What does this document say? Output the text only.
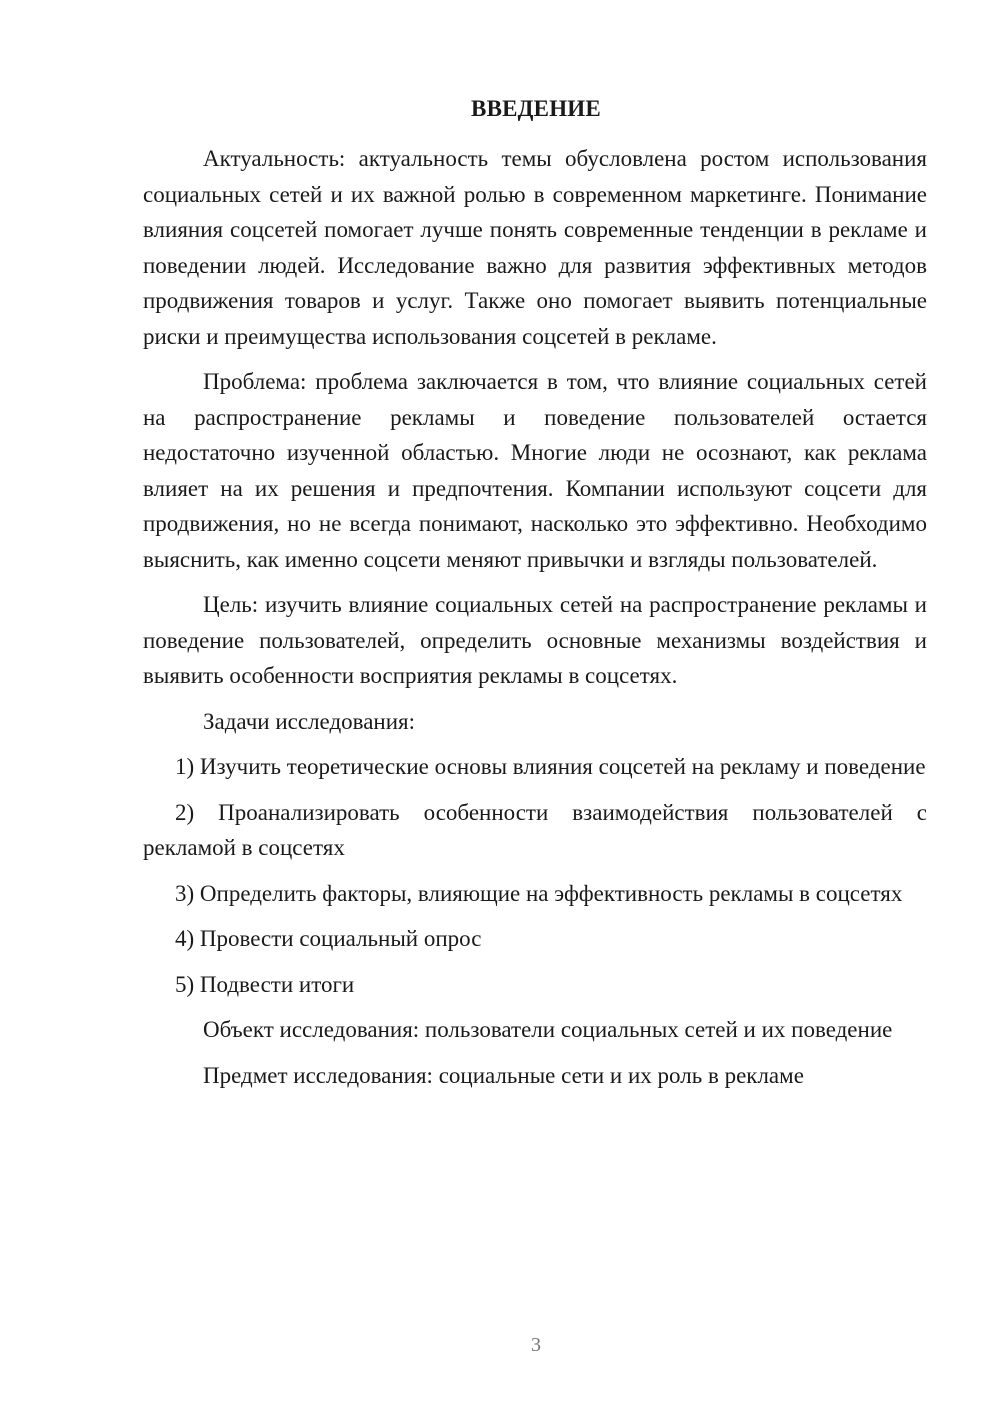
ВВЕДЕНИЕ

Актуальность: актуальность темы обусловлена ростом использования социальных сетей и их важной ролью в современном маркетинге. Понимание влияния соцсетей помогает лучше понять современные тенденции в рекламе и поведении людей. Исследование важно для развития эффективных методов продвижения товаров и услуг. Также оно помогает выявить потенциальные риски и преимущества использования соцсетей в рекламе.

Проблема: проблема заключается в том, что влияние социальных сетей на распространение рекламы и поведение пользователей остается недостаточно изученной областью. Многие люди не осознают, как реклама влияет на их решения и предпочтения. Компании используют соцсети для продвижения, но не всегда понимают, насколько это эффективно. Необходимо выяснить, как именно соцсети меняют привычки и взгляды пользователей.

Цель: изучить влияние социальных сетей на распространение рекламы и поведение пользователей, определить основные механизмы воздействия и выявить особенности восприятия рекламы в соцсетях.

Задачи исследования:

1) Изучить теоретические основы влияния соцсетей на рекламу и поведение

2) Проанализировать особенности взаимодействия пользователей с рекламой в соцсетях

3) Определить факторы, влияющие на эффективность рекламы в соцсетях

4) Провести социальный опрос

5) Подвести итоги

Объект исследования: пользователи социальных сетей и их поведение

Предмет исследования: социальные сети и их роль в рекламе

3
